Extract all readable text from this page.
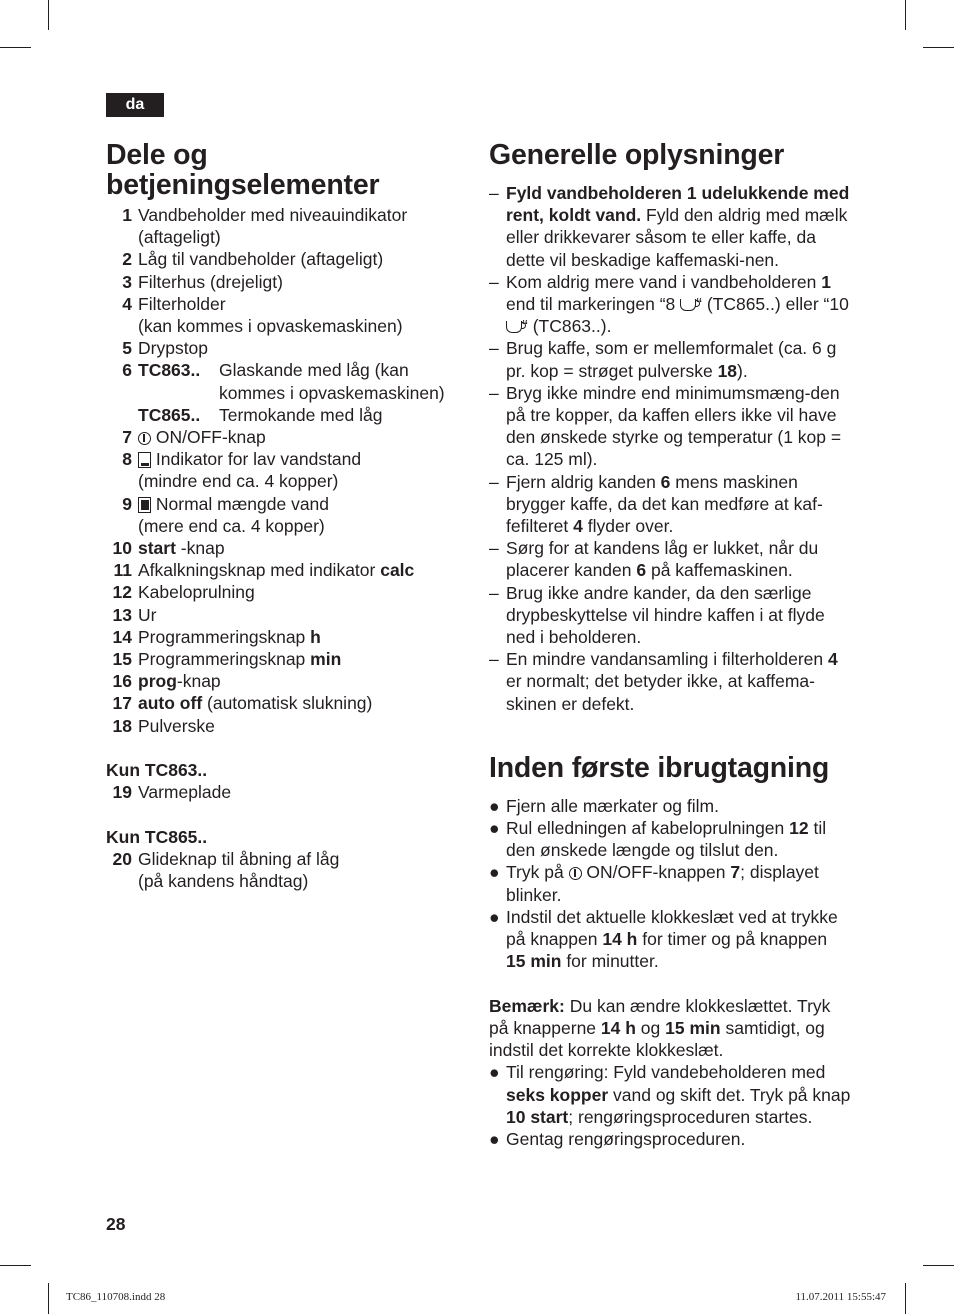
da
Dele og
betjeningselementer
1 Vandbeholder med niveauindikator
(aftageligt)
2 Låg til vandbeholder (aftageligt)
3 Filterhus (drejeligt)
4 Filterholder
(kan kommes i opvaskemaskinen)
5 Drypstop
6 TC863..	Glaskande med låg (kan
kommes i opvaskemaskinen)
TC865..	Termokande med låg
7	ON/OFF-knap
8	Indikator for lav vandstand
(mindre end ca. 4 kopper)
9	Normal mængde vand
(mere end ca. 4 kopper)
10 start -knap
11 Afkalkningsknap med indikator calc
12 Kabeloprulning
13 Ur
14 Programmeringsknap h
15 Programmeringsknap min
16 prog-knap
17 auto off (automatisk slukning)
18 Pulverske
Kun TC863..
19 Varmeplade
Kun TC865..
20 Glideknap til åbning af låg
(på kandens håndtag)
Generelle oplysninger
– Fyld vandbeholderen 1 udelukkende med rent, koldt vand. Fyld den aldrig med mælk eller drikkevarer såsom te eller kaffe, da dette vil beskadige kaffemaski-nen.
– Kom aldrig mere vand i vandbeholderen 1 end til markeringen “8 “ (TC865..) eller “10 “ (TC863..).
– Brug kaffe, som er mellemformalet (ca. 6 g pr. kop = strøget pulverske 18).
– Bryg ikke mindre end minimumsmæng-den på tre kopper, da kaffen ellers ikke vil have den ønskede styrke og temperatur (1 kop = ca. 125 ml).
– Fjern aldrig kanden 6 mens maskinen brygger kaffe, da det kan medføre at kaf-fefilteret 4 flyder over.
– Sørg for at kandens låg er lukket, når du placerer kanden 6 på kaffemaskinen.
– Brug ikke andre kander, da den særlige drypbeskyttelse vil hindre kaffen i at flyde ned i beholderen.
– En mindre vandansamling i filterholderen 4 er normalt; det betyder ikke, at kaffema-skinen er defekt.
Inden første ibrugtagning
● Fjern alle mærkater og film.
● Rul elledningen af kabeloprulningen 12 til den ønskede længde og tilslut den.
● Tryk på  ON/OFF-knappen 7; displayet blinker.
● Indstil det aktuelle klokkeslæt ved at trykke på knappen 14 h for timer og på knappen 15 min for minutter.
Bemærk: Du kan ændre klokkeslættet. Tryk på knapperne 14 h og 15 min samtidigt, og indstil det korrekte klokkeslæt.
● Til rengøring: Fyld vandebeholderen med seks kopper vand og skift det. Tryk på knap 10 start; rengøringsproceduren startes.
● Gentag rengøringsproceduren.
28
TC86_110708.indd 28	11.07.2011 15:55:47
